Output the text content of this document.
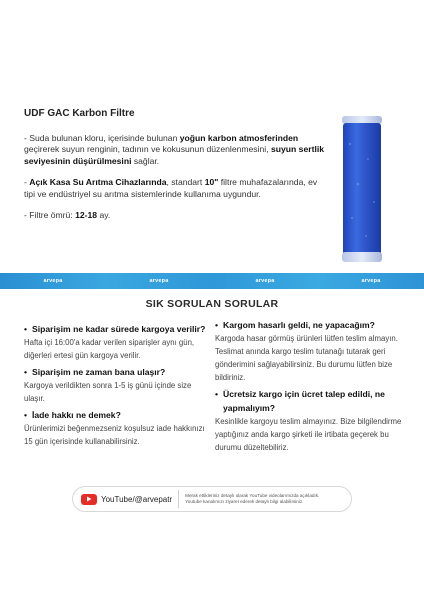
UDF GAC Karbon Filtre

- Suda bulunan kloru, içerisinde bulunan yoğun karbon atmosferinden geçirerek suyun renginin, tadının ve kokusunun düzenlenmesini, suyun sertlik seviyesinin düşürülmesini sağlar.

- Açık Kasa Su Arıtma Cihazlarında, standart 10" filtre muhafazalarında, ev tipi ve endüstriyel su arıtma sistemlerinde kullanıma uygundur.

- Filtre ömrü: 12-18 ay.

arvepa	arvepa	arvepa	arvepa
SIK SORULAN SORULAR
• Siparişim ne kadar sürede kargoya verilir?
Hafta içi 16:00'a kadar verilen siparişler aynı gün, diğerleri ertesi gün kargoya verilir.
• Siparişim ne zaman bana ulaşır?
Kargoya verildikten sonra 1-5 iş günü içinde size ulaşır.
• İade hakkı ne demek?
Ürünlerimizi beğenmezseniz koşulsuz iade hakkınızı 15 gün içerisinde kullanabilirsiniz.
• Kargom hasarlı geldi, ne yapacağım?
Kargoda hasar görmüş ürünleri lütfen teslim almayın. Teslimat anında kargo teslim tutanağı tutarak geri gönderimini sağlayabilirsiniz. Bu durumu lütfen bize bildiriniz.
• Ücretsiz kargo için ücret talep edildi, ne yapmalıyım?
Kesinlikle kargoyu teslim almayınız. Bize bilgilendirme yaptığınız anda kargo şirketi ile irtibata geçerek bu durumu düzeltebiliriz.
YouTube/@arvepatr	Merak ettikleriniz detaylı olarak YouTube videolarımızda açıkladık.
Youtube kanalımızı ziyaret ederek detaylı bilgi alabilirsiniz.
